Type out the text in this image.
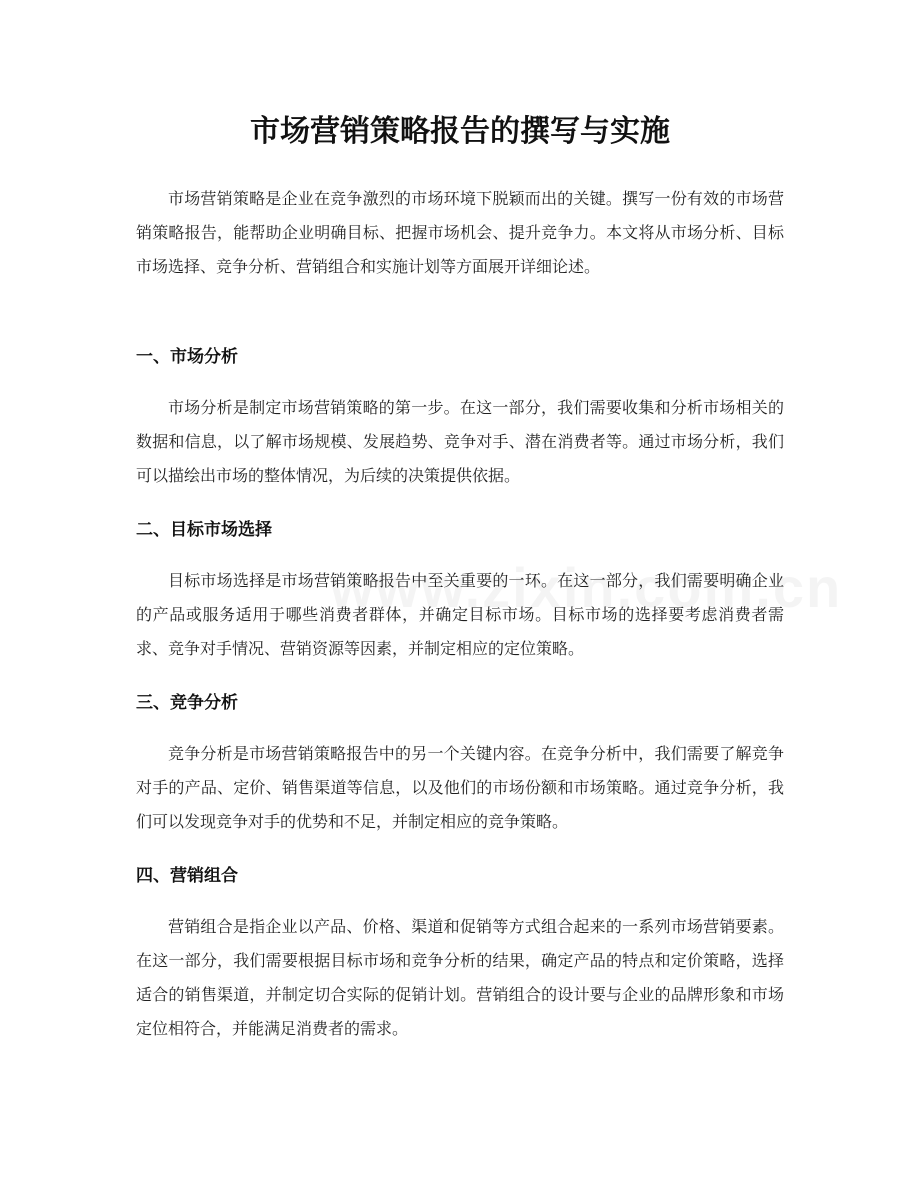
市场营销策略报告的撰写与实施

市场营销策略是企业在竞争激烈的市场环境下脱颖而出的关键。撰写一份有效的市场营销策略报告，能帮助企业明确目标、把握市场机会、提升竞争力。本文将从市场分析、目标市场选择、竞争分析、营销组合和实施计划等方面展开详细论述。

一、市场分析

市场分析是制定市场营销策略的第一步。在这一部分，我们需要收集和分析市场相关的数据和信息，以了解市场规模、发展趋势、竞争对手、潜在消费者等。通过市场分析，我们可以描绘出市场的整体情况，为后续的决策提供依据。

二、目标市场选择

目标市场选择是市场营销策略报告中至关重要的一环。在这一部分，我们需要明确企业的产品或服务适用于哪些消费者群体，并确定目标市场。目标市场的选择要考虑消费者需求、竞争对手情况、营销资源等因素，并制定相应的定位策略。

三、竞争分析

竞争分析是市场营销策略报告中的另一个关键内容。在竞争分析中，我们需要了解竞争对手的产品、定价、销售渠道等信息，以及他们的市场份额和市场策略。通过竞争分析，我们可以发现竞争对手的优势和不足，并制定相应的竞争策略。

四、营销组合

营销组合是指企业以产品、价格、渠道和促销等方式组合起来的一系列市场营销要素。在这一部分，我们需要根据目标市场和竞争分析的结果，确定产品的特点和定价策略，选择适合的销售渠道，并制定切合实际的促销计划。营销组合的设计要与企业的品牌形象和市场定位相符合，并能满足消费者的需求。
